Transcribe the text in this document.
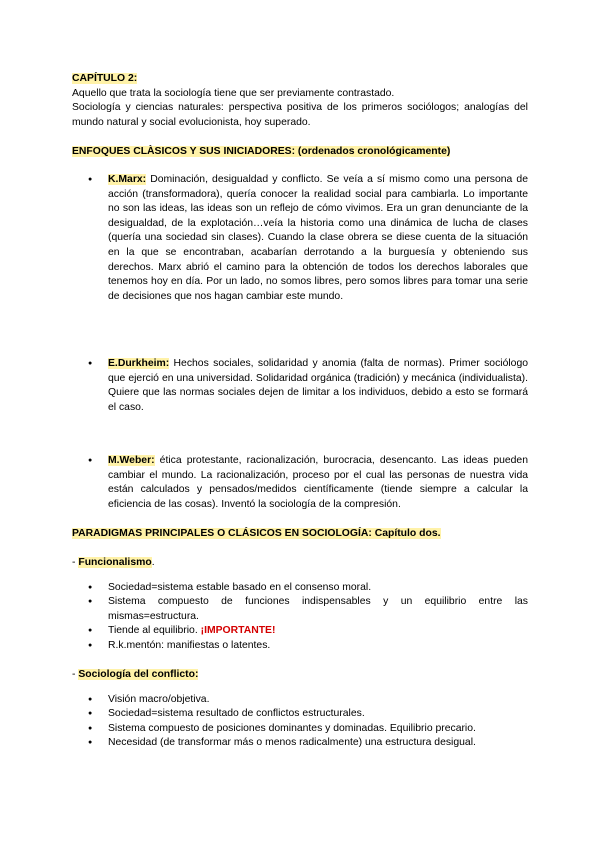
CAPÍTULO 2:

Aquello que trata la sociología tiene que ser previamente contrastado.

Sociología y ciencias naturales: perspectiva positiva de los primeros sociólogos; analogías del mundo natural y social evolucionista, hoy superado.

ENFOQUES CLÀSICOS Y SUS INICIADORES: (ordenados cronológicamente)

● K.Marx: Dominación, desigualdad y conflicto. Se veía a sí mismo como una persona de acción (transformadora), quería conocer la realidad social para cambiarla. Lo importante no son las ideas, las ideas son un reflejo de cómo vivimos. Era un gran denunciante de la desigualdad, de la explotación…veía la historia como una dinámica de lucha de clases (quería una sociedad sin clases). Cuando la clase obrera se diese cuenta de la situación en la que se encontraban, acabarían derrotando a la burguesía y obteniendo sus derechos. Marx abrió el camino para la obtención de todos los derechos laborales que tenemos hoy en día. Por un lado, no somos libres, pero somos libres para tomar una serie de decisiones que nos hagan cambiar este mundo.
● E.Durkheim: Hechos sociales, solidaridad y anomia (falta de normas). Primer sociólogo que ejerció en una universidad. Solidaridad orgánica (tradición) y mecánica (individualista). Quiere que las normas sociales dejen de limitar a los individuos, debido a esto se formará el caso.
● M.Weber: ética protestante, racionalización, burocracia, desencanto. Las ideas pueden cambiar el mundo. La racionalización, proceso por el cual las personas de nuestra vida están calculados y pensados/medidos científicamente (tiende siempre a calcular la eficiencia de las cosas). Inventó la sociología de la compresión.

PARADIGMAS PRINCIPALES O CLÁSICOS EN SOCIOLOGÍA: Capítulo dos.

- Funcionalismo.

● Sociedad=sistema estable basado en el consenso moral.
● Sistema compuesto de funciones indispensables y un equilibrio entre las mismas=estructura.
● Tiende al equilibrio. ¡IMPORTANTE!
● R.k.mentón: manifiestas o latentes.

- Sociología del conflicto:

● Visión macro/objetiva.
● Sociedad=sistema resultado de conflictos estructurales.
● Sistema compuesto de posiciones dominantes y dominadas. Equilibrio precario.
● Necesidad (de transformar más o menos radicalmente) una estructura desigual.
